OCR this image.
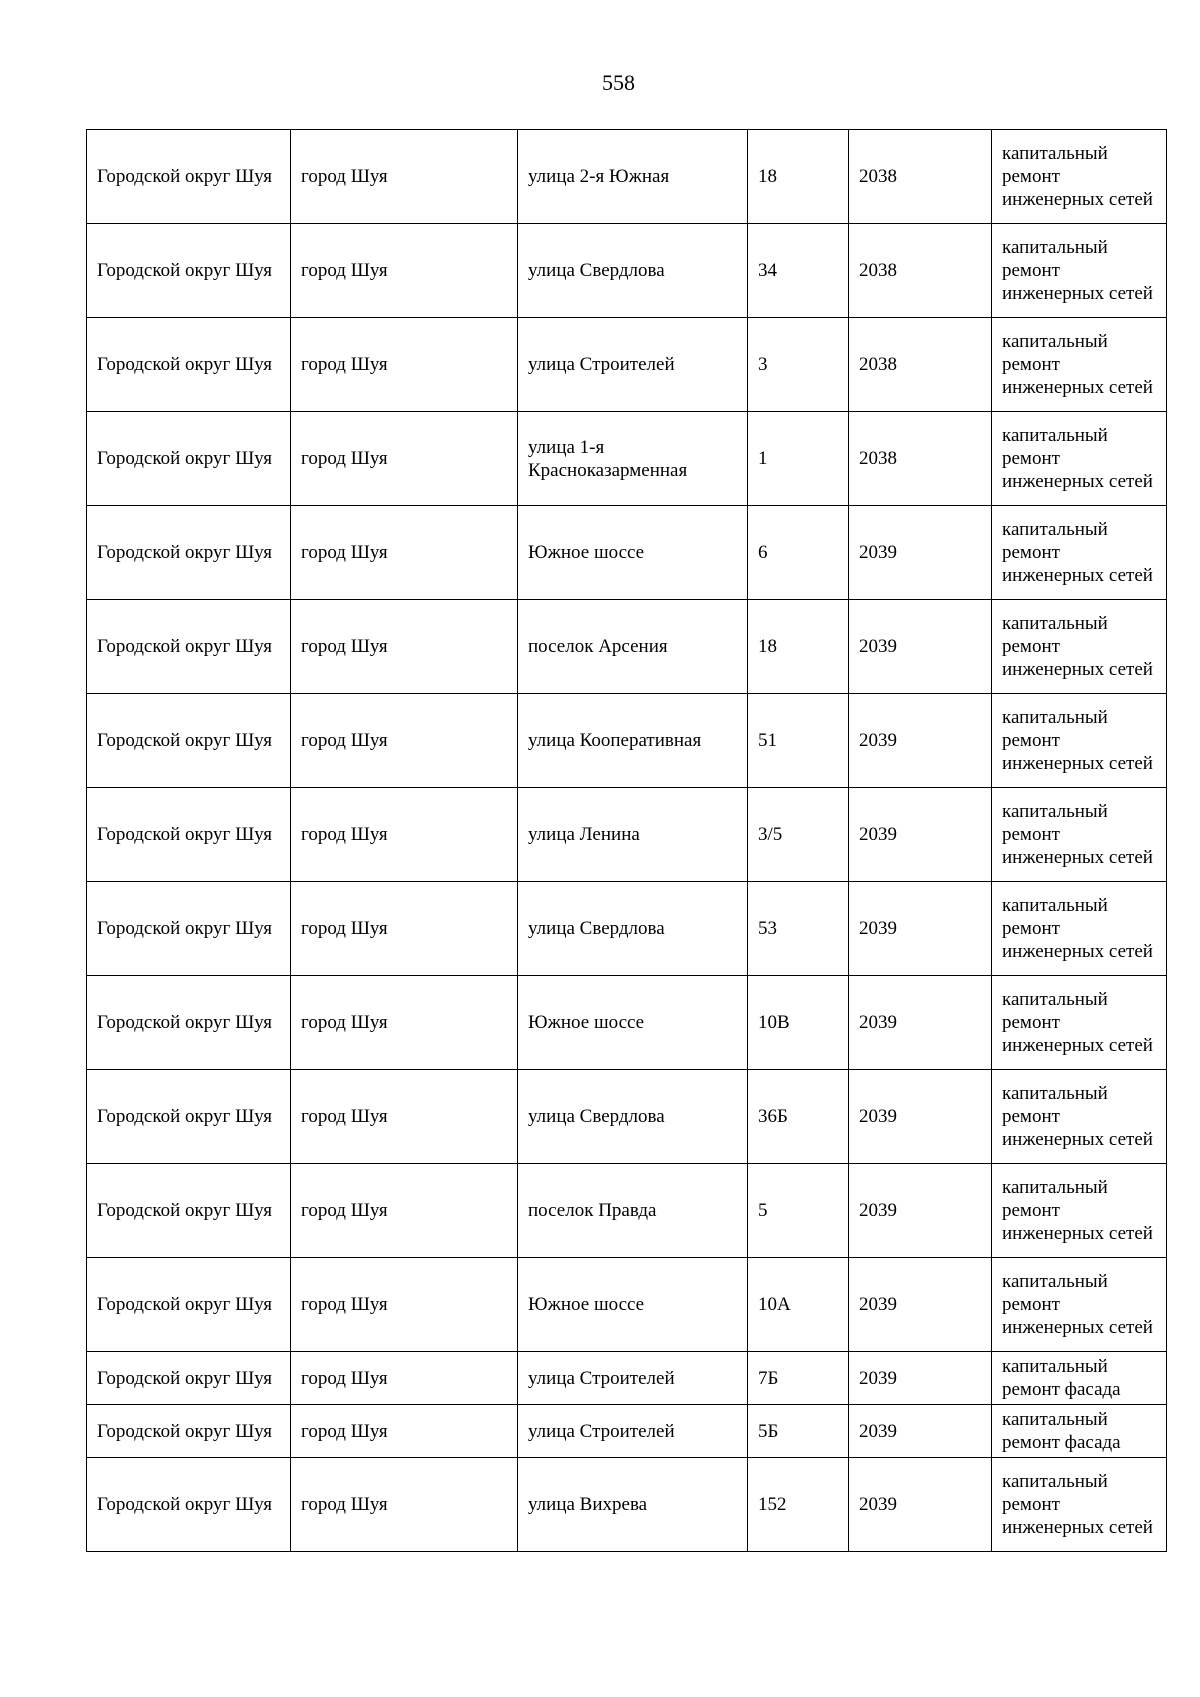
558
Городской округ Шуя	город Шуя	улица 2-я Южная	18	2038	капитальный ремонт инженерных сетей
Городской округ Шуя	город Шуя	улица Свердлова	34	2038	капитальный ремонт инженерных сетей
Городской округ Шуя	город Шуя	улица Строителей	3	2038	капитальный ремонт инженерных сетей
Городской округ Шуя	город Шуя	улица 1-я Красноказарменная	1	2038	капитальный ремонт инженерных сетей
Городской округ Шуя	город Шуя	Южное шоссе	6	2039	капитальный ремонт инженерных сетей
Городской округ Шуя	город Шуя	поселок Арсения	18	2039	капитальный ремонт инженерных сетей
Городской округ Шуя	город Шуя	улица Кооперативная	51	2039	капитальный ремонт инженерных сетей
Городской округ Шуя	город Шуя	улица Ленина	3/5	2039	капитальный ремонт инженерных сетей
Городской округ Шуя	город Шуя	улица Свердлова	53	2039	капитальный ремонт инженерных сетей
Городской округ Шуя	город Шуя	Южное шоссе	10В	2039	капитальный ремонт инженерных сетей
Городской округ Шуя	город Шуя	улица Свердлова	36Б	2039	капитальный ремонт инженерных сетей
Городской округ Шуя	город Шуя	поселок Правда	5	2039	капитальный ремонт инженерных сетей
Городской округ Шуя	город Шуя	Южное шоссе	10А	2039	капитальный ремонт инженерных сетей
Городской округ Шуя	город Шуя	улица Строителей	7Б	2039	капитальный ремонт фасада
Городской округ Шуя	город Шуя	улица Строителей	5Б	2039	капитальный ремонт фасада
Городской округ Шуя	город Шуя	улица Вихрева	152	2039	капитальный ремонт инженерных сетей
